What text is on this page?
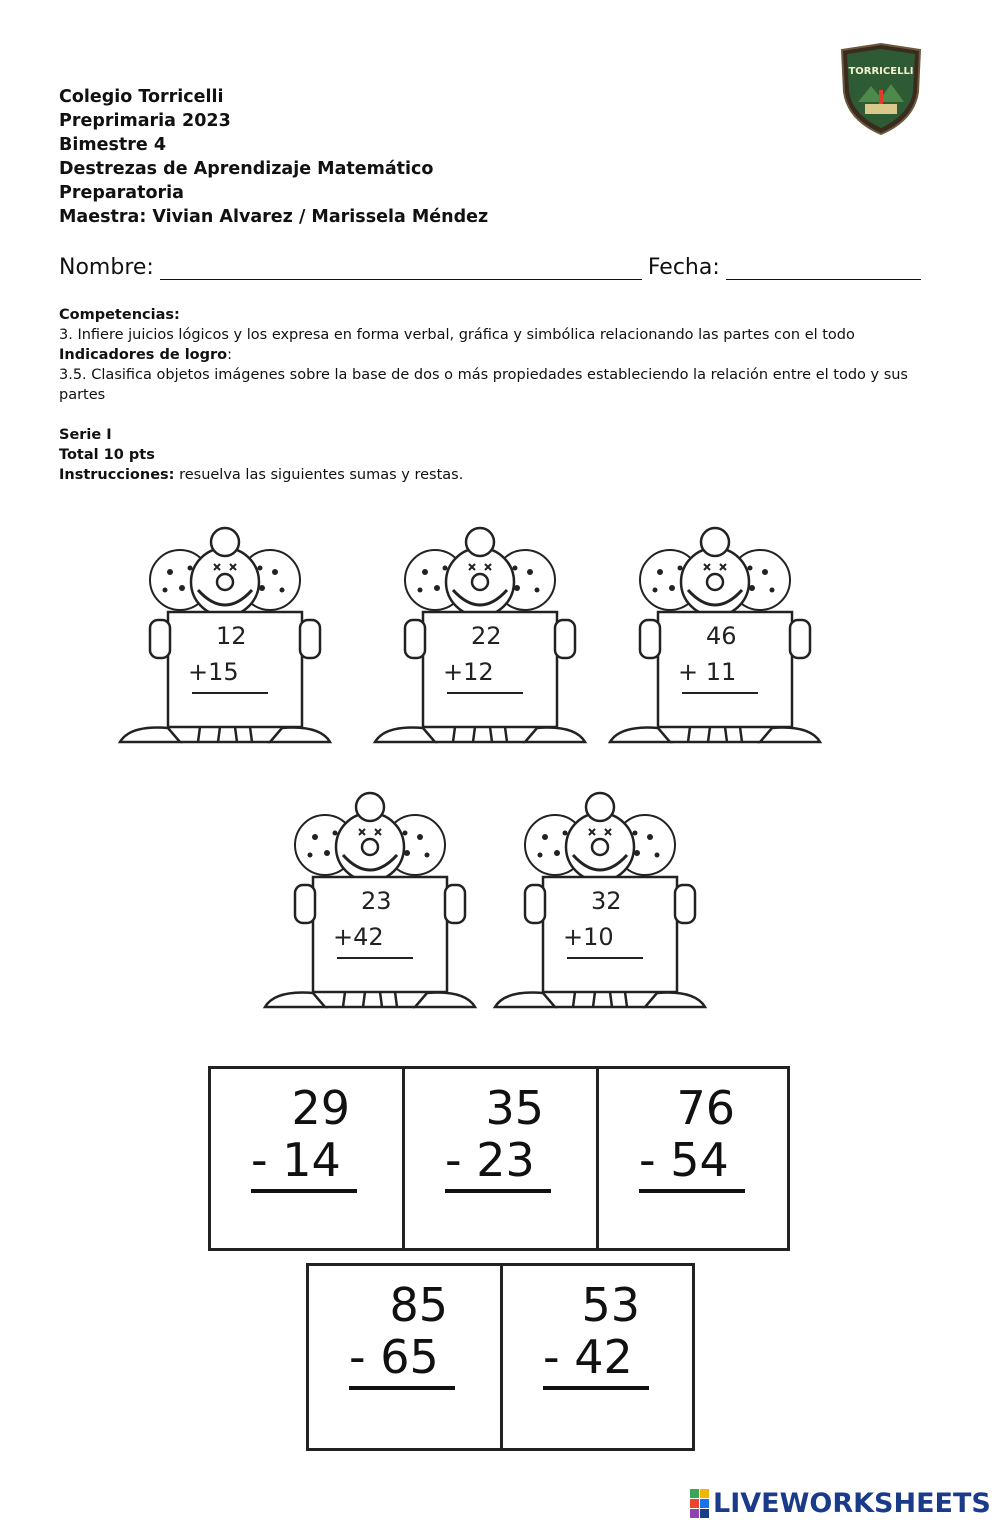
Colegio Torricelli
Preprimaria 2023
Bimestre 4
Destrezas de Aprendizaje Matemático
Preparatoria
Maestra: Vivian Alvarez / Marissela Méndez
TORRICELLI
Nombre:	Fecha:
Competencias:
3. Infiere juicios lógicos y los expresa en forma verbal, gráfica y simbólica relacionando las partes con el todo
Indicadores de logro:
3.5. Clasifica objetos imágenes sobre la base de dos o más propiedades estableciendo la relación entre el todo y sus partes
Serie I
Total 10 pts
Instrucciones: resuelva las siguientes sumas y restas.
12
+15
22
+12
46
+ 11
23
+42
32
+10
29
- 14
35
- 23
76
- 54
85
- 65
53
- 42
LIVEWORKSHEETS
